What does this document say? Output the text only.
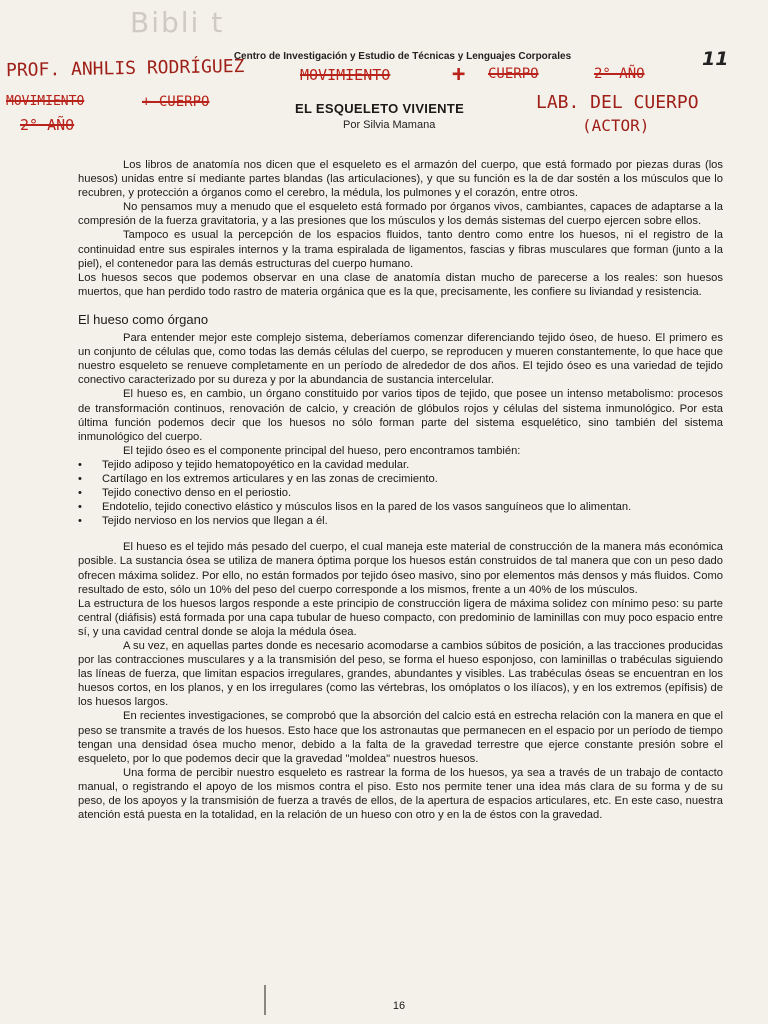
Bibli t
Centro de Investigación y Estudio de Técnicas y Lenguajes Corporales	11
PROF. ANHLIS RODRÍGUEZ	MOVIMIENTO	+ CUERPO	2° AÑO
MOVIMIENTO	+ CUERPO
2° AÑO
LAB. DEL CUERPO
(ACTOR)
EL ESQUELETO VIVIENTE
Por Silvia Mamana

Los libros de anatomía nos dicen que el esqueleto es el armazón del cuerpo, que está formado por piezas duras (los huesos) unidas entre sí mediante partes blandas (las articulaciones), y que su función es la de dar sostén a los músculos que lo recubren, y protección a órganos como el cerebro, la médula, los pulmones y el corazón, entre otros.

No pensamos muy a menudo que el esqueleto está formado por órganos vivos, cambiantes, capaces de adaptarse a la compresión de la fuerza gravitatoria, y a las presiones que los músculos y los demás sistemas del cuerpo ejercen sobre ellos.

Tampoco es usual la percepción de los espacios fluidos, tanto dentro como entre los huesos, ni el registro de la continuidad entre sus espirales internos y la trama espiralada de ligamentos, fascias y fibras musculares que forman (junto a la piel), el contenedor para las demás estructuras del cuerpo humano.

Los huesos secos que podemos observar en una clase de anatomía distan mucho de parecerse a los reales: son huesos muertos, que han perdido todo rastro de materia orgánica que es la que, precisamente, les confiere su liviandad y resistencia.

El hueso como órgano

Para entender mejor este complejo sistema, deberíamos comenzar diferenciando tejido óseo, de hueso. El primero es un conjunto de células que, como todas las demás células del cuerpo, se reproducen y mueren constantemente, lo que hace que nuestro esqueleto se renueve completamente en un período de alrededor de dos años. El tejido óseo es una variedad de tejido conectivo caracterizado por su dureza y por la abundancia de sustancia intercelular.

El hueso es, en cambio, un órgano constituido por varios tipos de tejido, que posee un intenso metabolismo: procesos de transformación continuos, renovación de calcio, y creación de glóbulos rojos y células del sistema inmunológico. Por esta última función podemos decir que los huesos no sólo forman parte del sistema esquelético, sino también del sistema inmunológico del cuerpo.

El tejido óseo es el componente principal del hueso, pero encontramos también:

• Tejido adiposo y tejido hematopoyético en la cavidad medular.
• Cartílago en los extremos articulares y en las zonas de crecimiento.
• Tejido conectivo denso en el periostio.
• Endotelio, tejido conectivo elástico y músculos lisos en la pared de los vasos sanguíneos que lo alimentan.
• Tejido nervioso en los nervios que llegan a él.

El hueso es el tejido más pesado del cuerpo, el cual maneja este material de construcción de la manera más económica posible. La sustancia ósea se utiliza de manera óptima porque los huesos están construidos de tal manera que con un peso dado ofrecen máxima solidez. Por ello, no están formados por tejido óseo masivo, sino por elementos más densos y más fluidos. Como resultado de esto, sólo un 10% del peso del cuerpo corresponde a los mismos, frente a un 40% de los músculos.

La estructura de los huesos largos responde a este principio de construcción ligera de máxima solidez con mínimo peso: su parte central (diáfisis) está formada por una capa tubular de hueso compacto, con predominio de laminillas con muy poco espacio entre sí, y una cavidad central donde se aloja la médula ósea.

A su vez, en aquellas partes donde es necesario acomodarse a cambios súbitos de posición, a las tracciones producidas por las contracciones musculares y a la transmisión del peso, se forma el hueso esponjoso, con laminillas o trabéculas siguiendo las líneas de fuerza, que limitan espacios irregulares, grandes, abundantes y visibles. Las trabéculas óseas se encuentran en los huesos cortos, en los planos, y en los irregulares (como las vértebras, los omóplatos o los ilíacos), y en los extremos (epífisis) de los huesos largos.

En recientes investigaciones, se comprobó que la absorción del calcio está en estrecha relación con la manera en que el peso se transmite a través de los huesos. Esto hace que los astronautas que permanecen en el espacio por un período de tiempo tengan una densidad ósea mucho menor, debido a la falta de la gravedad terrestre que ejerce constante presión sobre el esqueleto, por lo que podemos decir que la gravedad "moldea" nuestros huesos.

Una forma de percibir nuestro esqueleto es rastrear la forma de los huesos, ya sea a través de un trabajo de contacto manual, o registrando el apoyo de los mismos contra el piso. Esto nos permite tener una idea más clara de su forma y de su peso, de los apoyos y la transmisión de fuerza a través de ellos, de la apertura de espacios articulares, etc. En este caso, nuestra atención está puesta en la totalidad, en la relación de un hueso con otro y en la de éstos con la gravedad.

16
